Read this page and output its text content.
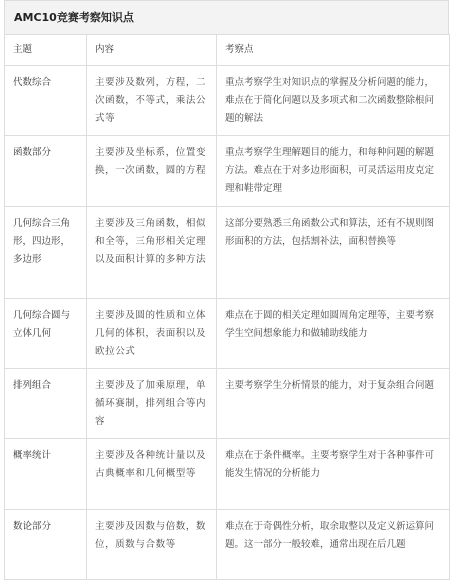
AMC10竞赛考察知识点
主题	内容	考察点
代数综合	主要涉及数列，方程，二次函数，不等式，乘法公式等	重点考察学生对知识点的掌握及分析问题的能力，难点在于简化问题以及多项式和二次函数整除根问题的解法
函数部分	主要涉及坐标系，位置变换，一次函数，圆的方程	重点考察学生理解题目的能力，和每种问题的解题方法。难点在于对多边形面积，可灵活运用皮克定理和鞋带定理
几何综合三角形，四边形，多边形	主要涉及三角函数，相似和全等，三角形相关定理以及面积计算的多种方法	这部分要熟悉三角函数公式和算法，还有不规则图形面积的方法，包括割补法，面积替换等
几何综合圆与立体几何	主要涉及圆的性质和立体几何的体积，表面积以及欧拉公式	难点在于圆的相关定理如圆周角定理等，主要考察学生空间想象能力和做辅助线能力
排列组合	主要涉及了加乘原理，单循环赛制，排列组合等内容	主要考察学生分析情景的能力，对于复杂组合问题
概率统计	主要涉及各种统计量以及古典概率和几何概型等	难点在于条件概率。主要考察学生对于各种事件可能发生情况的分析能力
数论部分	主要涉及因数与倍数，数位，质数与合数等	难点在于奇偶性分析，取余取整以及定义新运算问题。这一部分一般较难，通常出现在后几题
